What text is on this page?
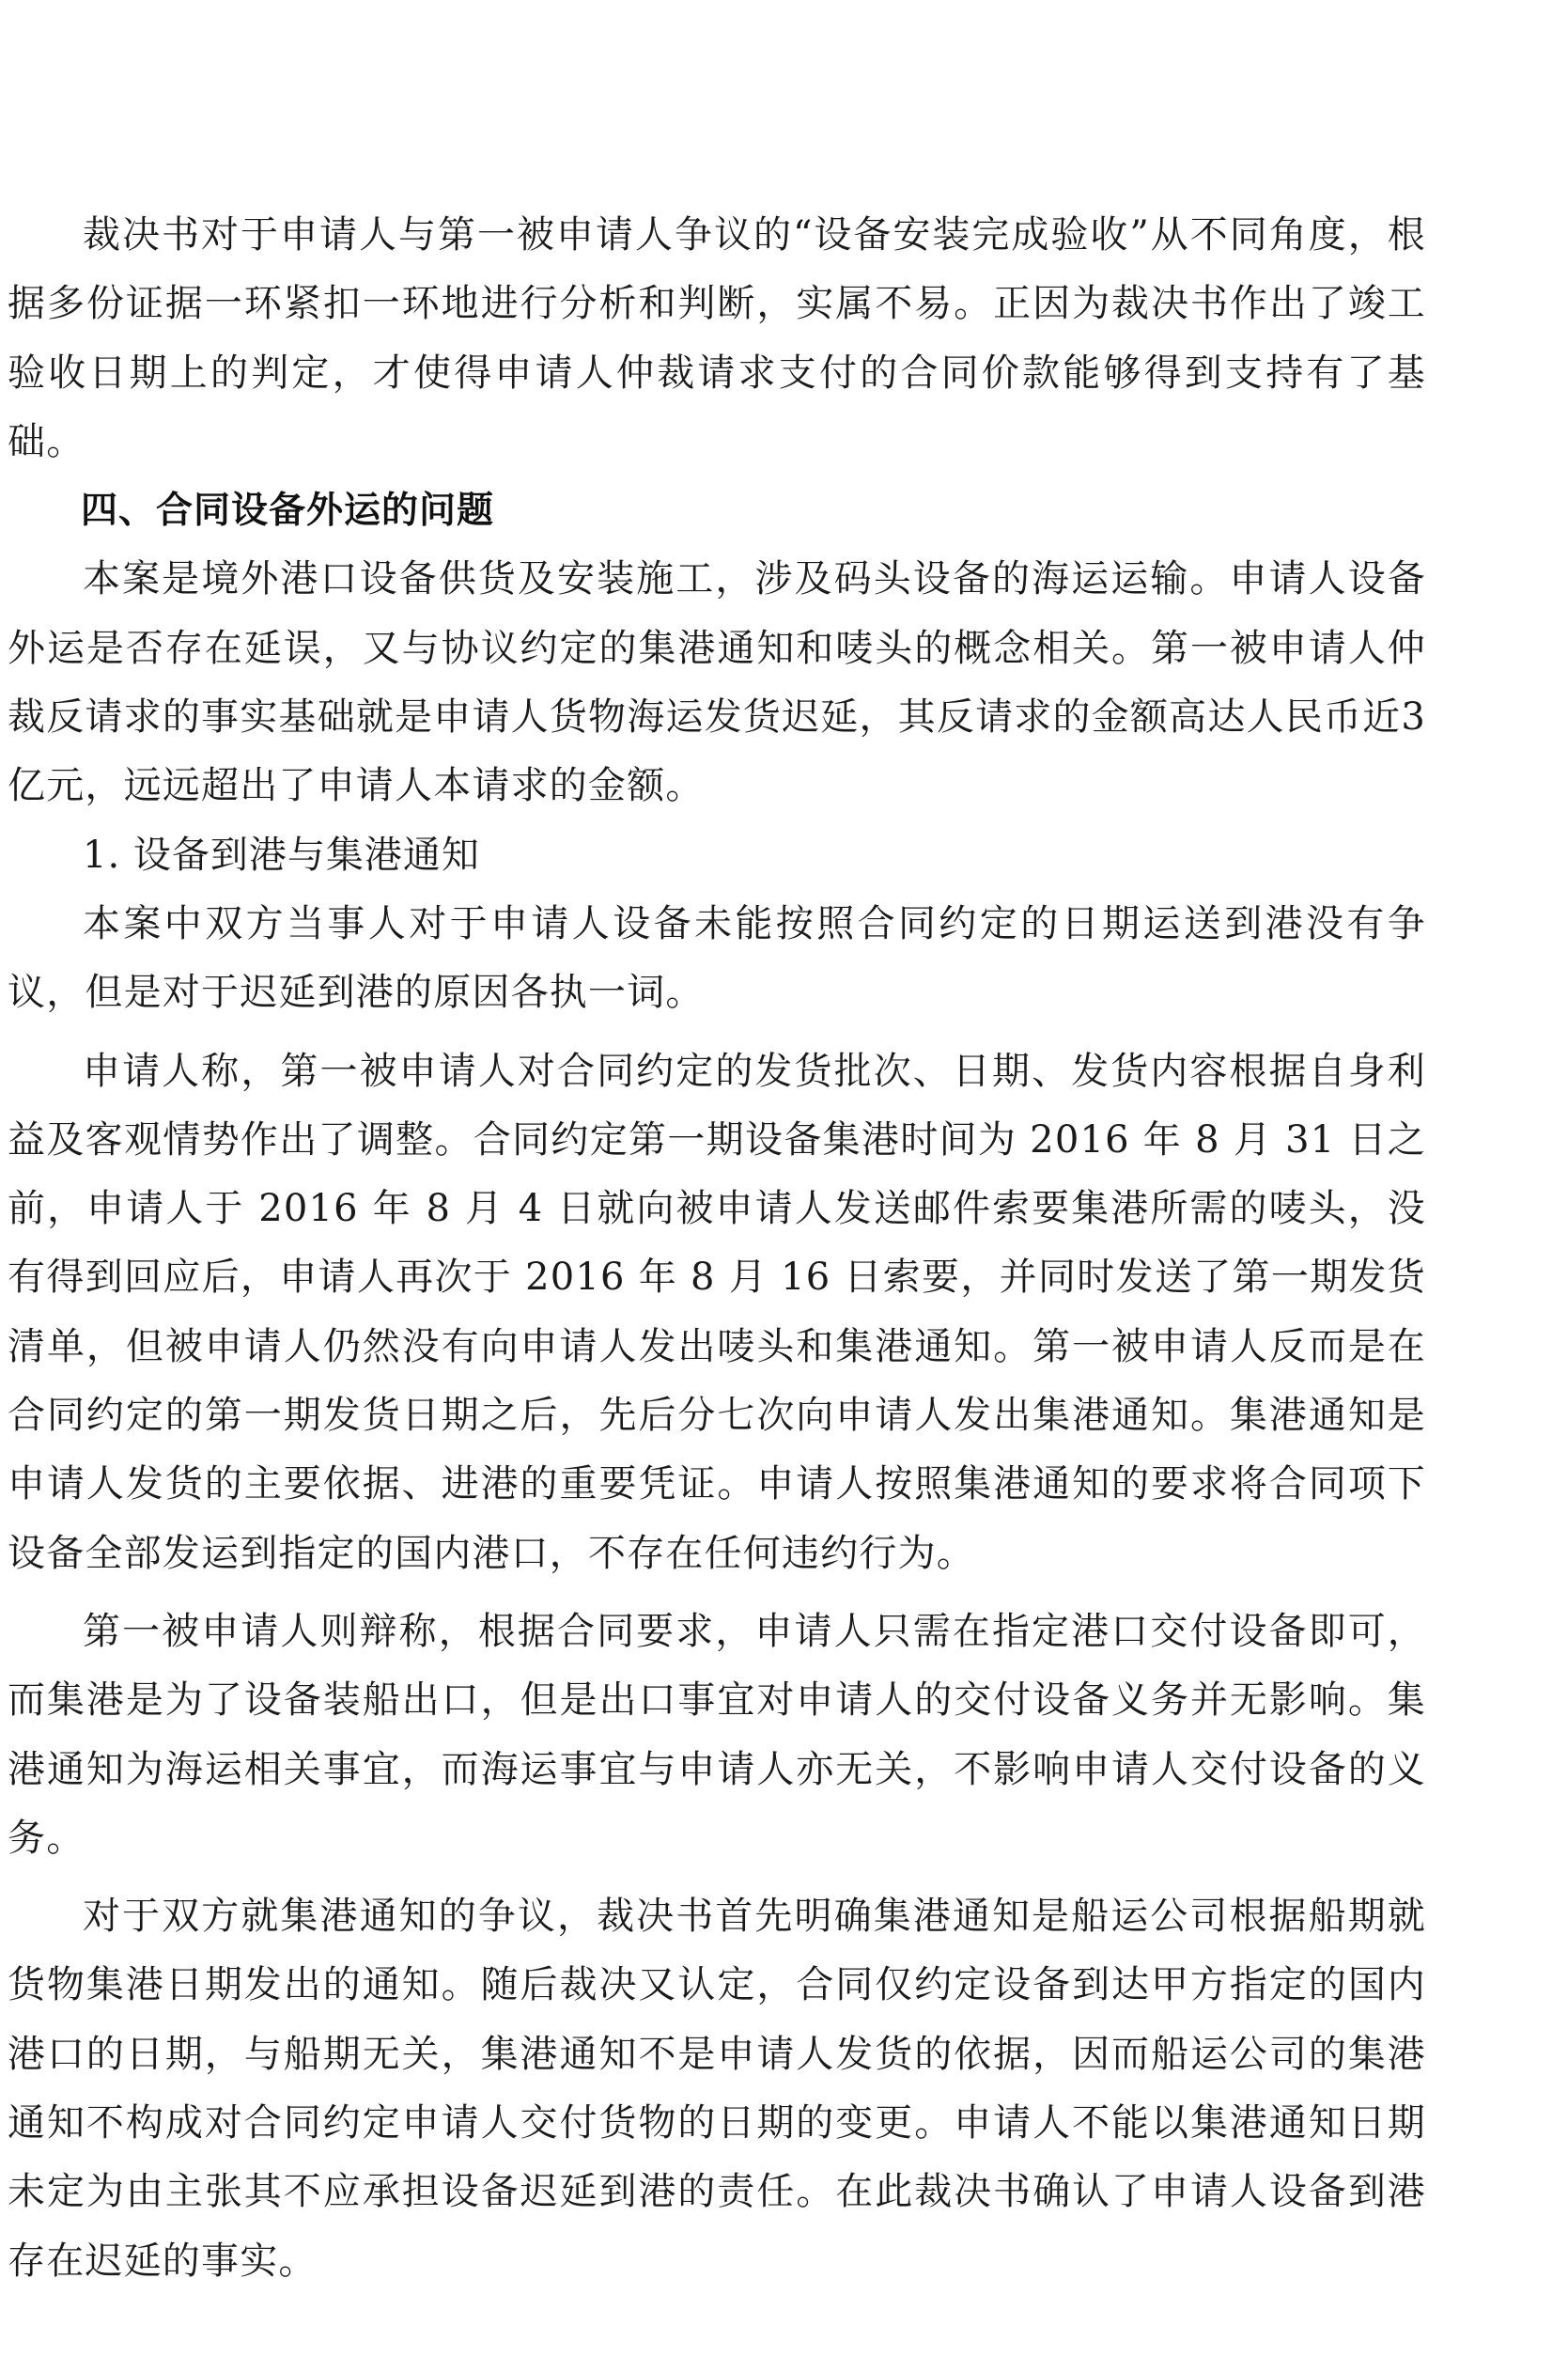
裁决书对于申请人与第一被申请人争议的“设备安装完成验收”从不同角度，根据多份证据一环紧扣一环地进行分析和判断，实属不易。正因为裁决书作出了竣工验收日期上的判定，才使得申请人仲裁请求支付的合同价款能够得到支持有了基础。

四、合同设备外运的问题

本案是境外港口设备供货及安装施工，涉及码头设备的海运运输。申请人设备外运是否存在延误，又与协议约定的集港通知和唛头的概念相关。第一被申请人仲裁反请求的事实基础就是申请人货物海运发货迟延，其反请求的金额高达人民币近3亿元，远远超出了申请人本请求的金额。

1. 设备到港与集港通知

本案中双方当事人对于申请人设备未能按照合同约定的日期运送到港没有争议，但是对于迟延到港的原因各执一词。

申请人称，第一被申请人对合同约定的发货批次、日期、发货内容根据自身利益及客观情势作出了调整。合同约定第一期设备集港时间为 2016 年 8 月 31 日之前，申请人于 2016 年 8 月 4 日就向被申请人发送邮件索要集港所需的唛头，没有得到回应后，申请人再次于 2016 年 8 月 16 日索要，并同时发送了第一期发货清单，但被申请人仍然没有向申请人发出唛头和集港通知。第一被申请人反而是在合同约定的第一期发货日期之后，先后分七次向申请人发出集港通知。集港通知是申请人发货的主要依据、进港的重要凭证。申请人按照集港通知的要求将合同项下设备全部发运到指定的国内港口，不存在任何违约行为。

第一被申请人则辩称，根据合同要求，申请人只需在指定港口交付设备即可，而集港是为了设备装船出口，但是出口事宜对申请人的交付设备义务并无影响。集港通知为海运相关事宜，而海运事宜与申请人亦无关，不影响申请人交付设备的义务。

对于双方就集港通知的争议，裁决书首先明确集港通知是船运公司根据船期就货物集港日期发出的通知。随后裁决又认定，合同仅约定设备到达甲方指定的国内港口的日期，与船期无关，集港通知不是申请人发货的依据，因而船运公司的集港通知不构成对合同约定申请人交付货物的日期的变更。申请人不能以集港通知日期未定为由主张其不应承担设备迟延到港的责任。在此裁决书确认了申请人设备到港存在迟延的事实。
